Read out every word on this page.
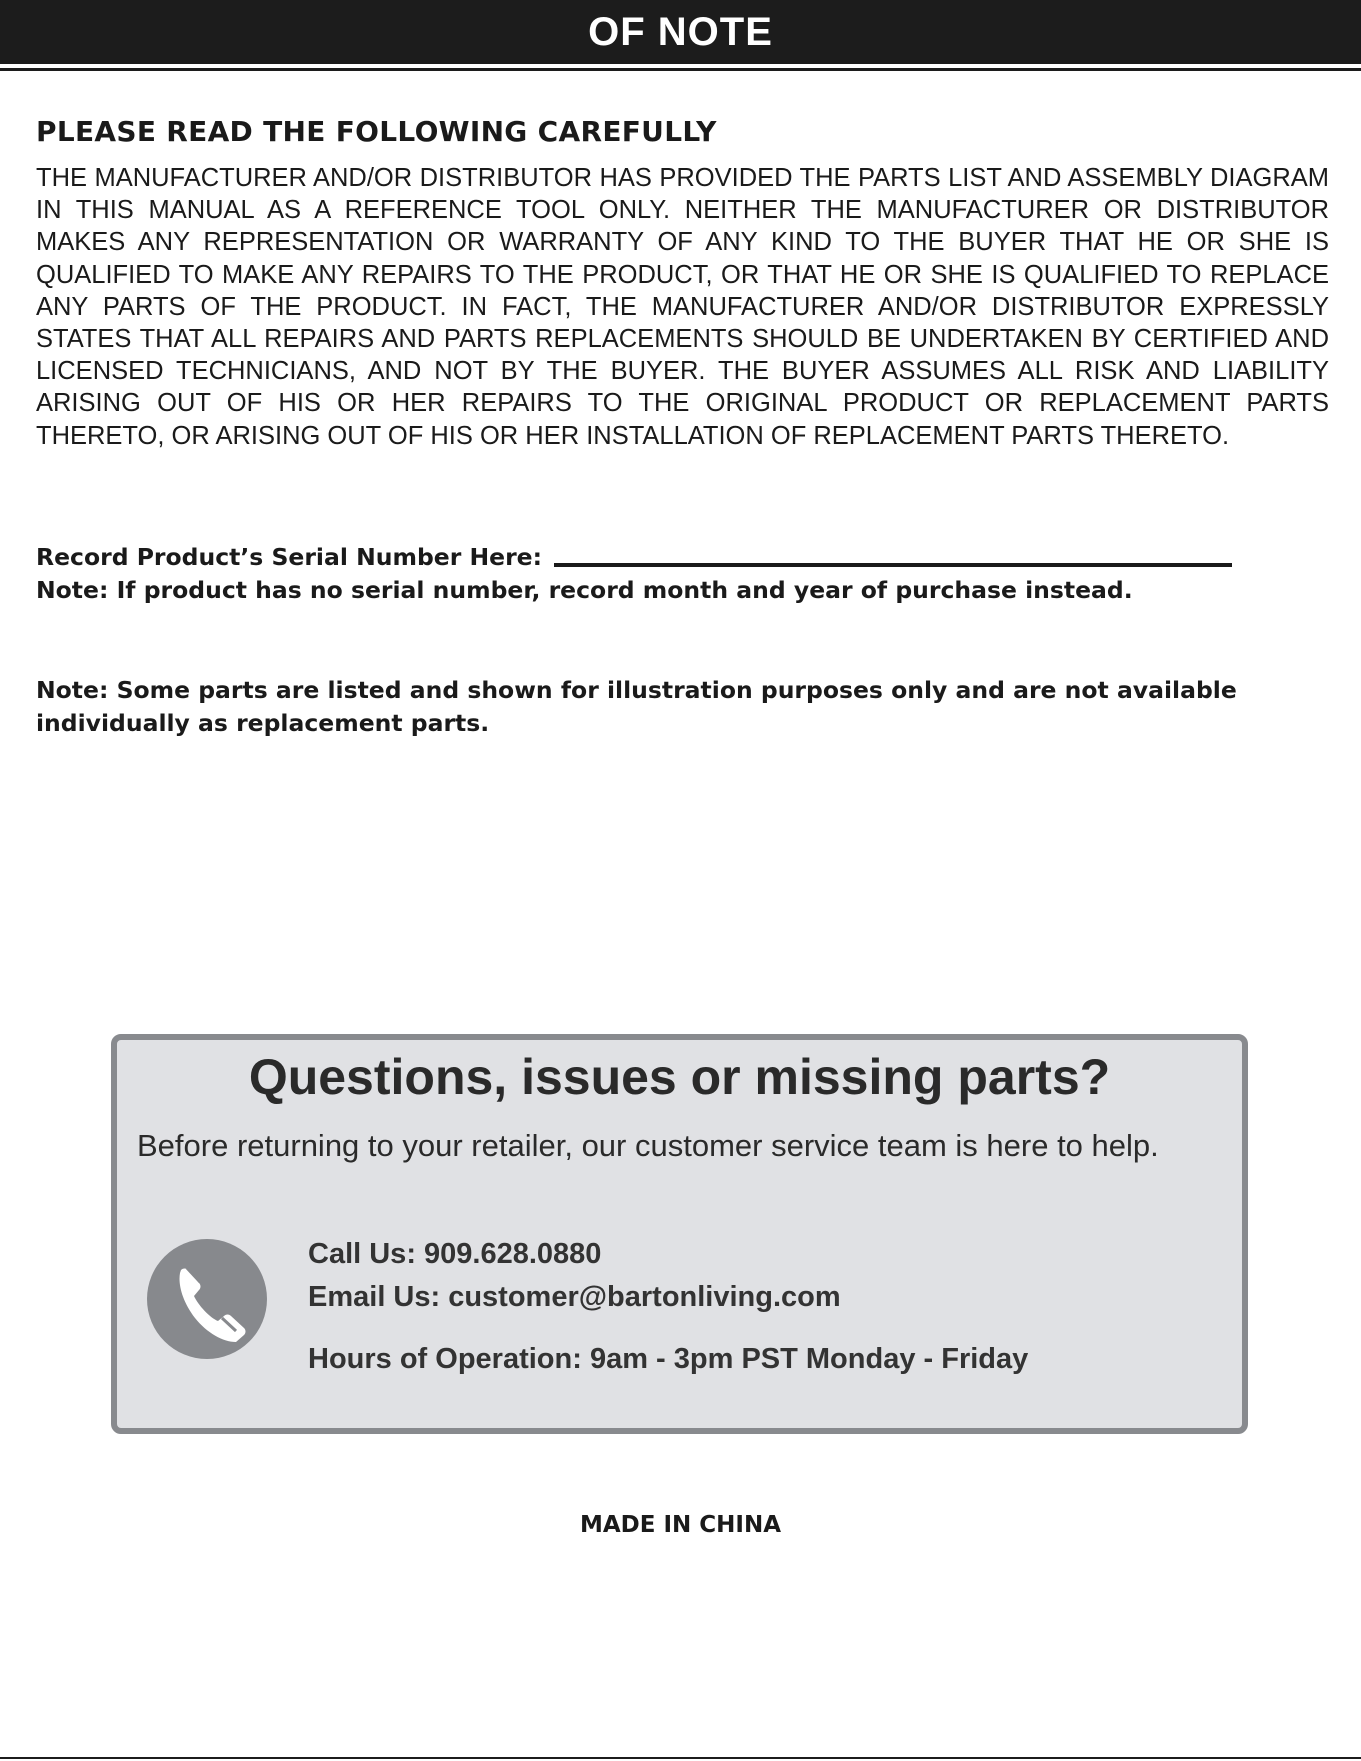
OF NOTE
PLEASE READ THE FOLLOWING CAREFULLY

THE MANUFACTURER AND/OR DISTRIBUTOR HAS PROVIDED THE PARTS LIST AND ASSEMBLY DIAGRAM IN THIS MANUAL AS A REFERENCE TOOL ONLY. NEITHER THE MANUFACTURER OR DISTRIBUTOR MAKES ANY REPRESENTATION OR WARRANTY OF ANY KIND TO THE BUYER THAT HE OR SHE IS QUALIFIED TO MAKE ANY REPAIRS TO THE PRODUCT, OR THAT HE OR SHE IS QUALIFIED TO REPLACE ANY PARTS OF THE PRODUCT. IN FACT, THE MANUFACTURER AND/OR DISTRIBUTOR EXPRESSLY STATES THAT ALL REPAIRS AND PARTS REPLACEMENTS SHOULD BE UNDERTAKEN BY CERTIFIED AND LICENSED TECHNICIANS, AND NOT BY THE BUYER. THE BUYER ASSUMES ALL RISK AND LIABILITY ARISING OUT OF HIS OR HER REPAIRS TO THE ORIGINAL PRODUCT OR REPLACEMENT PARTS THERETO, OR ARISING OUT OF HIS OR HER INSTALLATION OF REPLACEMENT PARTS THERETO.

Record Product’s Serial Number Here:

Note: If product has no serial number, record month and year of purchase instead.

Note: Some parts are listed and shown for illustration purposes only and are not available individually as replacement parts.

Questions, issues or missing parts?

Before returning to your retailer, our customer service team is here to help.

Call Us: 909.628.0880

Email Us: customer@bartonliving.com

Hours of Operation: 9am - 3pm PST Monday - Friday

MADE IN CHINA
